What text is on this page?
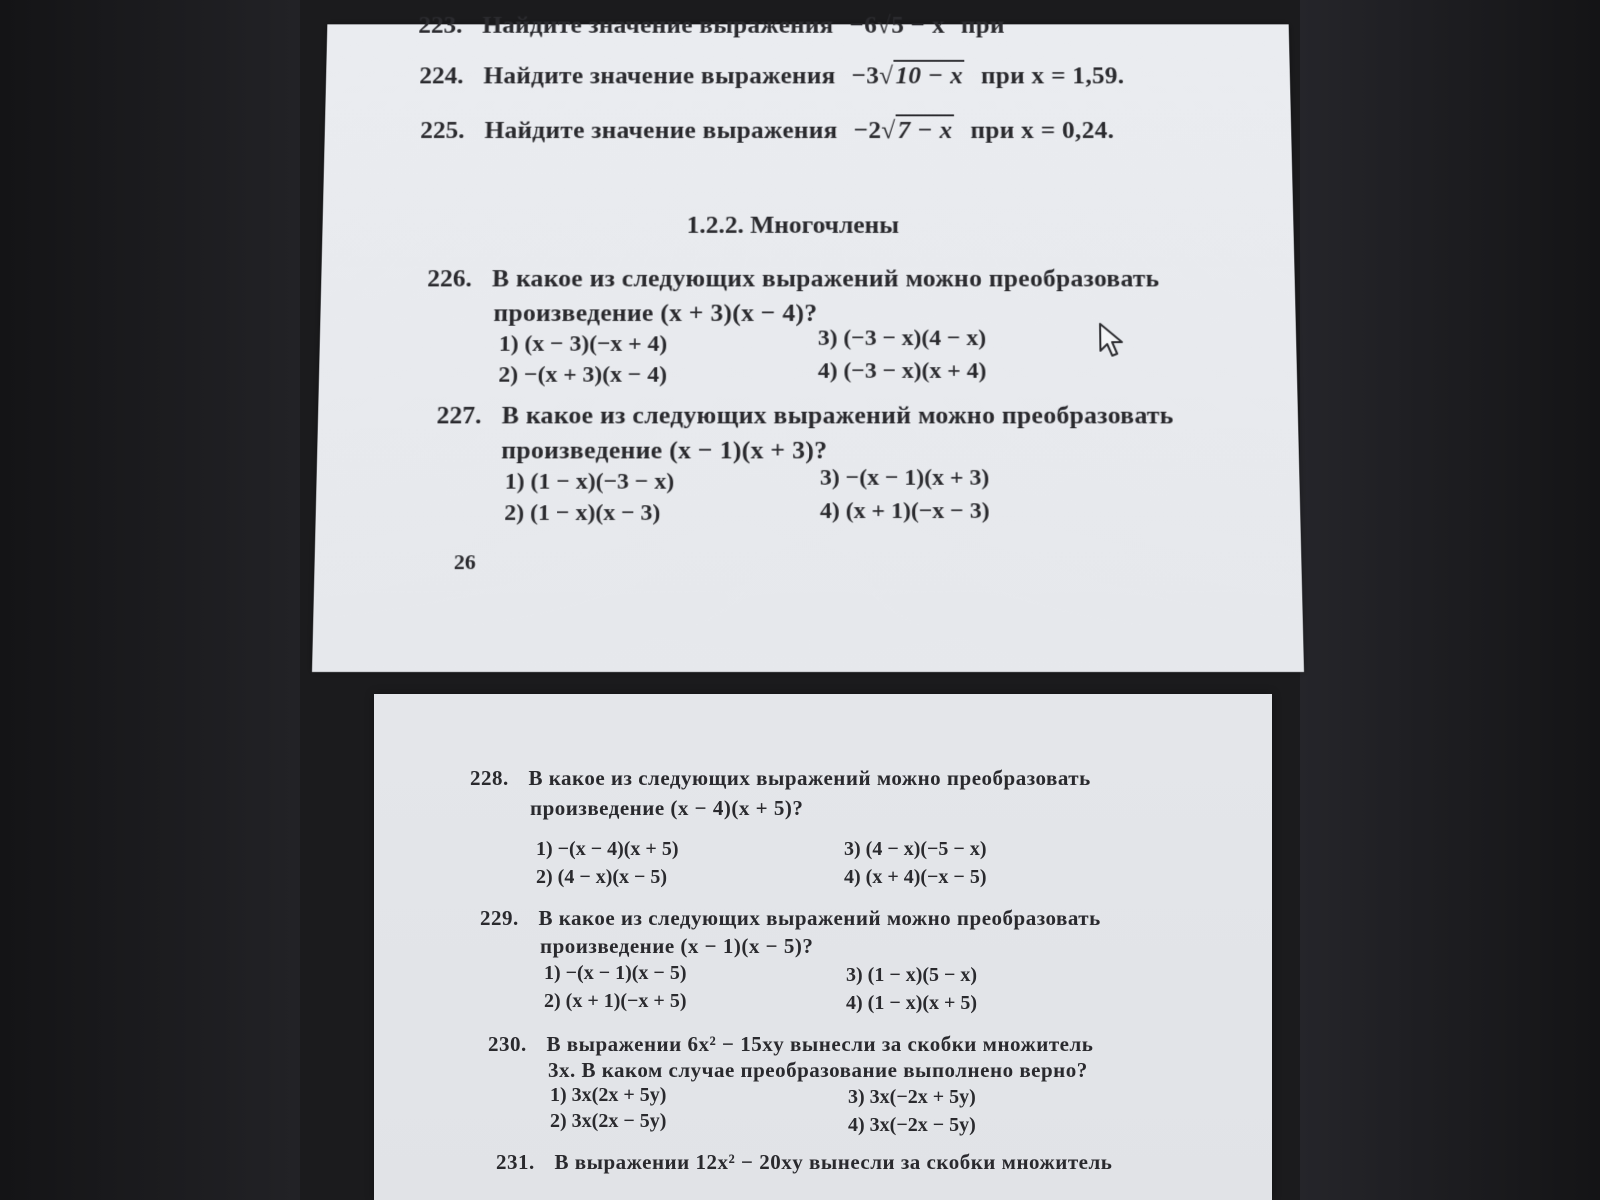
223. Найдите значение выражения −6√5 − x при
224. Найдите значение выражения −3√10 − x при x = 1,59.
225. Найдите значение выражения −2√7 − x при x = 0,24.
1.2.2. Многочлены
226. В какое из следующих выражений можно преобразовать
произведение (x + 3)(x − 4)?
1) (x − 3)(−x + 4)
2) −(x + 3)(x − 4)
3) (−3 − x)(4 − x)
4) (−3 − x)(x + 4)
227. В какое из следующих выражений можно преобразовать
произведение (x − 1)(x + 3)?
1) (1 − x)(−3 − x)
2) (1 − x)(x − 3)
3) −(x − 1)(x + 3)
4) (x + 1)(−x − 3)
26
228. В какое из следующих выражений можно преобразовать
произведение (x − 4)(x + 5)?
1) −(x − 4)(x + 5)
2) (4 − x)(x − 5)
3) (4 − x)(−5 − x)
4) (x + 4)(−x − 5)
229. В какое из следующих выражений можно преобразовать
произведение (x − 1)(x − 5)?
1) −(x − 1)(x − 5)
2) (x + 1)(−x + 5)
3) (1 − x)(5 − x)
4) (1 − x)(x + 5)
230. В выражении 6x² − 15xy вынесли за скобки множитель
3x. В каком случае преобразование выполнено верно?
1) 3x(2x + 5y)
2) 3x(2x − 5y)
3) 3x(−2x + 5y)
4) 3x(−2x − 5y)
231. В выражении 12x² − 20xy вынесли за скобки множитель
